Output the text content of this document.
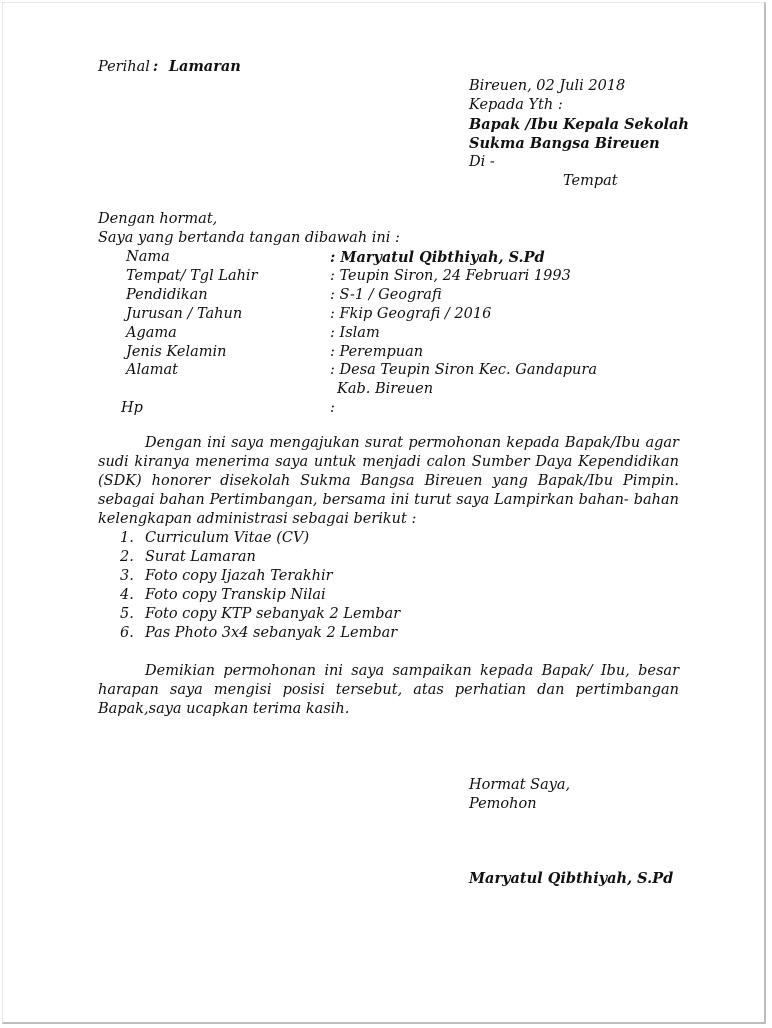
Perihal : Lamaran
Bireuen, 02 Juli 2018
Kepada Yth :
Bapak /Ibu Kepala Sekolah
Sukma Bangsa Bireuen
Di -
Tempat
Dengan hormat,
Saya yang bertanda tangan dibawah ini :
Nama	: Maryatul Qibthiyah, S.Pd
Tempat/ Tgl Lahir	: Teupin Siron, 24 Februari 1993
Pendidikan	: S-1 / Geografi
Jurusan / Tahun	: Fkip Geografi / 2016
Agama	: Islam
Jenis Kelamin	: Perempuan
Alamat	: Desa Teupin Siron Kec. Gandapura
Kab. Bireuen
Hp	:
Dengan ini saya mengajukan surat permohonan kepada Bapak/Ibu agar sudi kiranya menerima saya untuk menjadi calon Sumber Daya Kependidikan (SDK) honorer disekolah Sukma Bangsa Bireuen yang Bapak/Ibu Pimpin. sebagai bahan Pertimbangan, bersama ini turut saya Lampirkan bahan- bahan kelengkapan administrasi sebagai berikut :
1. Curriculum Vitae (CV)
2. Surat Lamaran
3. Foto copy Ijazah Terakhir
4. Foto copy Transkip Nilai
5. Foto copy KTP sebanyak 2 Lembar
6. Pas Photo 3x4 sebanyak 2 Lembar
Demikian permohonan ini saya sampaikan kepada Bapak/ Ibu, besar harapan saya mengisi posisi tersebut, atas perhatian dan pertimbangan Bapak,saya ucapkan terima kasih.
Hormat Saya,
Pemohon
Maryatul Qibthiyah, S.Pd
